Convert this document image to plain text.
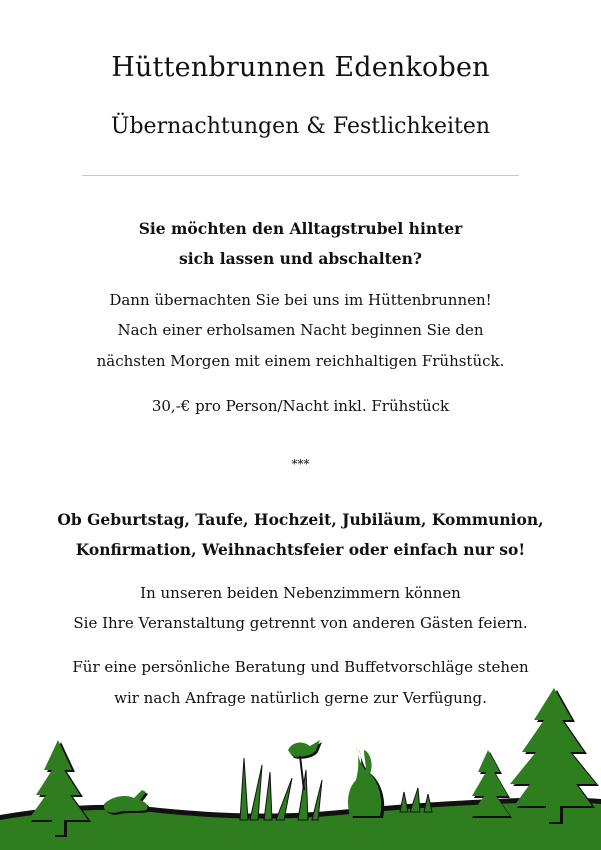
Hüttenbrunnen Edenkoben
Übernachtungen & Festlichkeiten
Sie möchten den Alltagstrubel hinter
sich lassen und abschalten?
Dann übernachten Sie bei uns im Hüttenbrunnen!
Nach einer erholsamen Nacht beginnen Sie den
nächsten Morgen mit einem reichhaltigen Frühstück.
30,-€ pro Person/Nacht inkl. Frühstück
***
Ob Geburtstag, Taufe, Hochzeit, Jubiläum, Kommunion,
Konfirmation, Weihnachtsfeier oder einfach nur so!
In unseren beiden Nebenzimmern können
Sie Ihre Veranstaltung getrennt von anderen Gästen feiern.
Für eine persönliche Beratung und Buffetvorschläge stehen
wir nach Anfrage natürlich gerne zur Verfügung.
